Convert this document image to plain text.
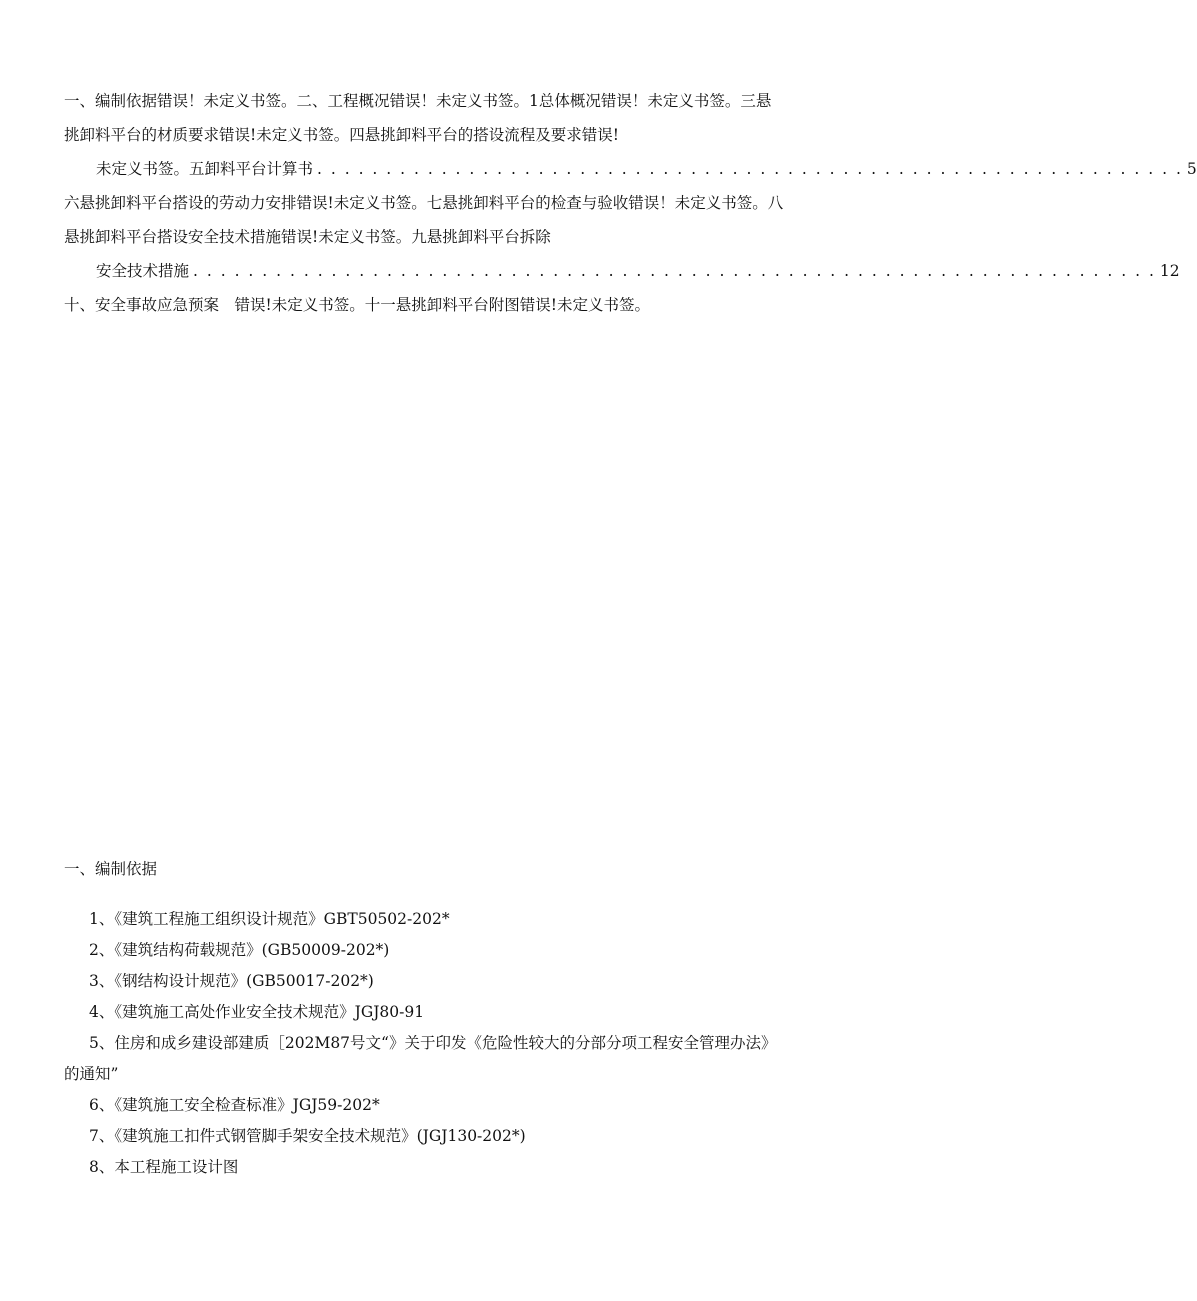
一、编制依据错误！未定义书签。二、工程概况错误！未定义书签。1总体概况错误！未定义书签。三悬
挑卸料平台的材质要求错误!未定义书签。四悬挑卸料平台的搭设流程及要求错误!
未定义书签。五卸料平台计算书 . . . . . . . . . . . . . . . . . . . . . . . . . . . . . . . . . . . . . . . . . . . . . . . . . . . . . . . . . . . . . . . 5
六悬挑卸料平台搭设的劳动力安排错误!未定义书签。七悬挑卸料平台的检查与验收错误！未定义书签。八
悬挑卸料平台搭设安全技术措施错误!未定义书签。九悬挑卸料平台拆除
安全技术措施 . . . . . . . . . . . . . . . . . . . . . . . . . . . . . . . . . . . . . . . . . . . . . . . . . . . . . . . . . . . . . . . . . . . . . . 12
十、安全事故应急预案　错误!未定义书签。十一悬挑卸料平台附图错误!未定义书签。
一、编制依据
1、《建筑工程施工组织设计规范》GBT50502-202*
2、《建筑结构荷载规范》(GB50009-202*)
3、《钢结构设计规范》(GB50017-202*)
4、《建筑施工高处作业安全技术规范》JGJ80-91
5、住房和成乡建设部建质［202M87号文“》关于印发《危险性较大的分部分项工程安全管理办法》
的通知”
6、《建筑施工安全检查标准》JGJ59-202*
7、《建筑施工扣件式钢管脚手架安全技术规范》(JGJ130-202*)
8、本工程施工设计图
